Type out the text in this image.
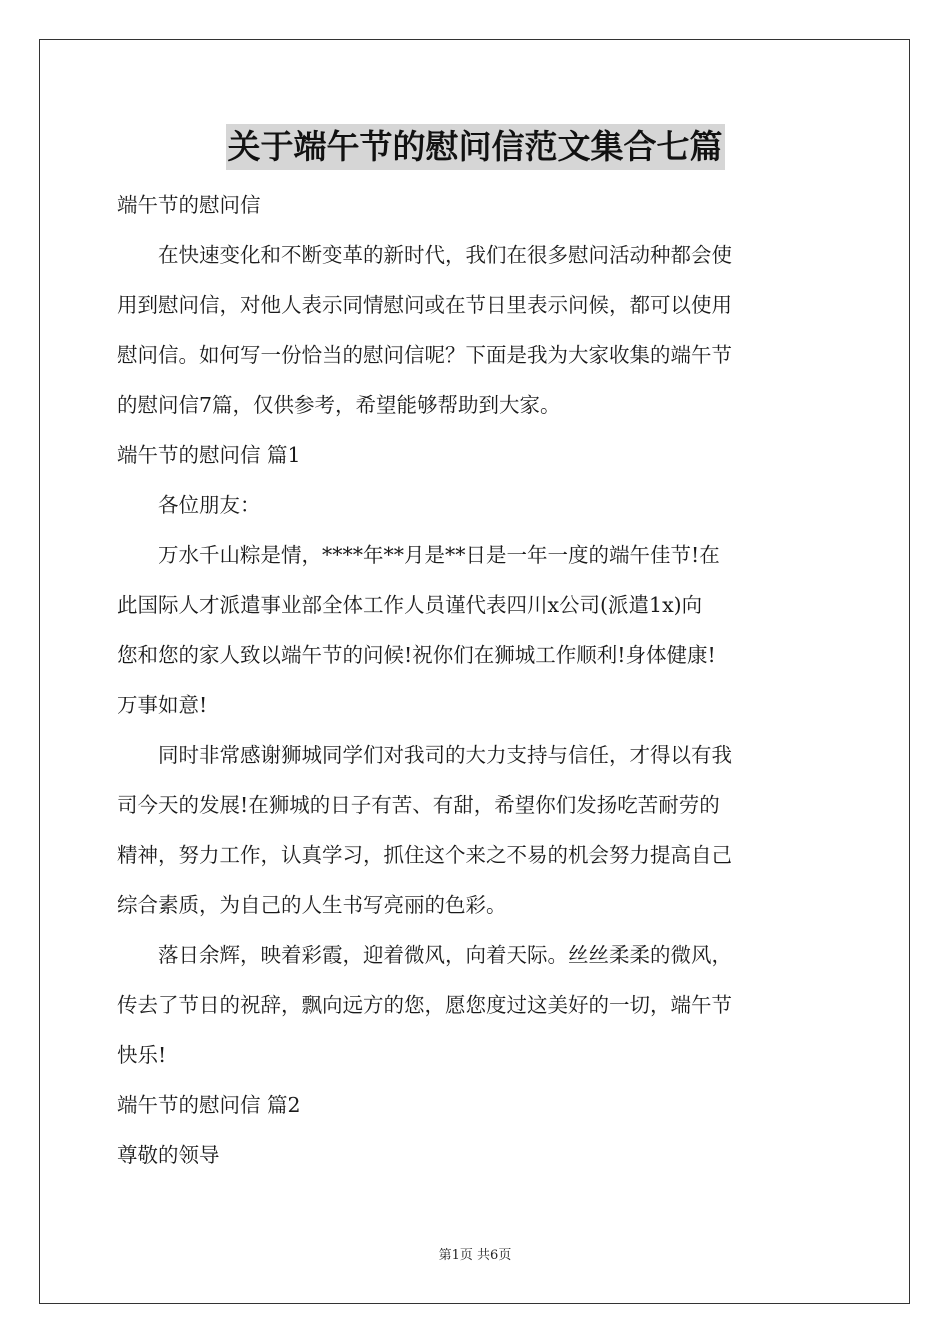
关于端午节的慰问信范文集合七篇
端午节的慰问信
在快速变化和不断变革的新时代，我们在很多慰问活动种都会使
用到慰问信，对他人表示同情慰问或在节日里表示问候，都可以使用
慰问信。如何写一份恰当的慰问信呢？下面是我为大家收集的端午节
的慰问信7篇，仅供参考，希望能够帮助到大家。
端午节的慰问信 篇1
各位朋友：
万水千山粽是情，****年**月是**日是一年一度的端午佳节!在
此国际人才派遣事业部全体工作人员谨代表四川x公司(派遣1x)向
您和您的家人致以端午节的问候!祝你们在狮城工作顺利!身体健康!
万事如意!
同时非常感谢狮城同学们对我司的大力支持与信任，才得以有我
司今天的发展!在狮城的日子有苦、有甜，希望你们发扬吃苦耐劳的
精神，努力工作，认真学习，抓住这个来之不易的机会努力提高自己
综合素质，为自己的人生书写亮丽的色彩。
落日余辉，映着彩霞，迎着微风，向着天际。丝丝柔柔的微风，
传去了节日的祝辞，飘向远方的您，愿您度过这美好的一切，端午节
快乐!
端午节的慰问信 篇2
尊敬的领导
第1页 共6页
